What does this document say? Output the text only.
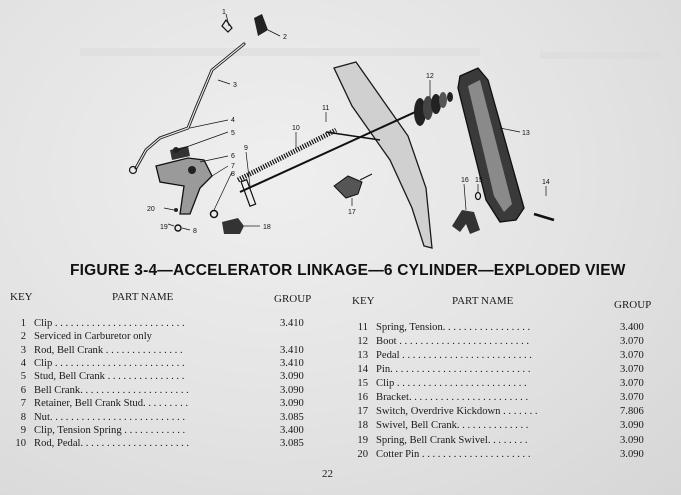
1
2
3
4
5
6
7
8
9
10
11
12
13
14
15
16
17
18
19
8
20
FIGURE 3-4—ACCELERATOR LINKAGE—6 CYLINDER—EXPLODED VIEW
KEY	PART NAME	GROUP	KEY	PART NAME	GROUP
1 Clip . . . . . . . . . . . . . . . . . . . . . . . . .	3.410
2 Serviced in Carburetor only
3 Rod, Bell Crank . . . . . . . . . . . . . . .	3.410
4 Clip . . . . . . . . . . . . . . . . . . . . . . . . .	3.410
5 Stud, Bell Crank . . . . . . . . . . . . . . .	3.090
6 Bell Crank. . . . . . . . . . . . . . . . . . . . .	3.090
7 Retainer, Bell Crank Stud. . . . . . . . .	3.090
8 Nut. . . . . . . . . . . . . . . . . . . . . . . . . .	3.085
9 Clip, Tension Spring . . . . . . . . . . . .	3.400
10 Rod, Pedal. . . . . . . . . . . . . . . . . . . . .	3.085
11 Spring, Tension. . . . . . . . . . . . . . . . .	3.400
12 Boot . . . . . . . . . . . . . . . . . . . . . . . . .	3.070
13 Pedal . . . . . . . . . . . . . . . . . . . . . . . . .	3.070
14 Pin. . . . . . . . . . . . . . . . . . . . . . . . . . .	3.070
15 Clip . . . . . . . . . . . . . . . . . . . . . . . . .	3.070
16 Bracket. . . . . . . . . . . . . . . . . . . . . . .	3.070
17 Switch, Overdrive Kickdown . . . . . . .	7.806
18 Swivel, Bell Crank. . . . . . . . . . . . . .	3.090
19 Spring, Bell Crank Swivel. . . . . . . .	3.090
20 Cotter Pin . . . . . . . . . . . . . . . . . . . . .	3.090
22
